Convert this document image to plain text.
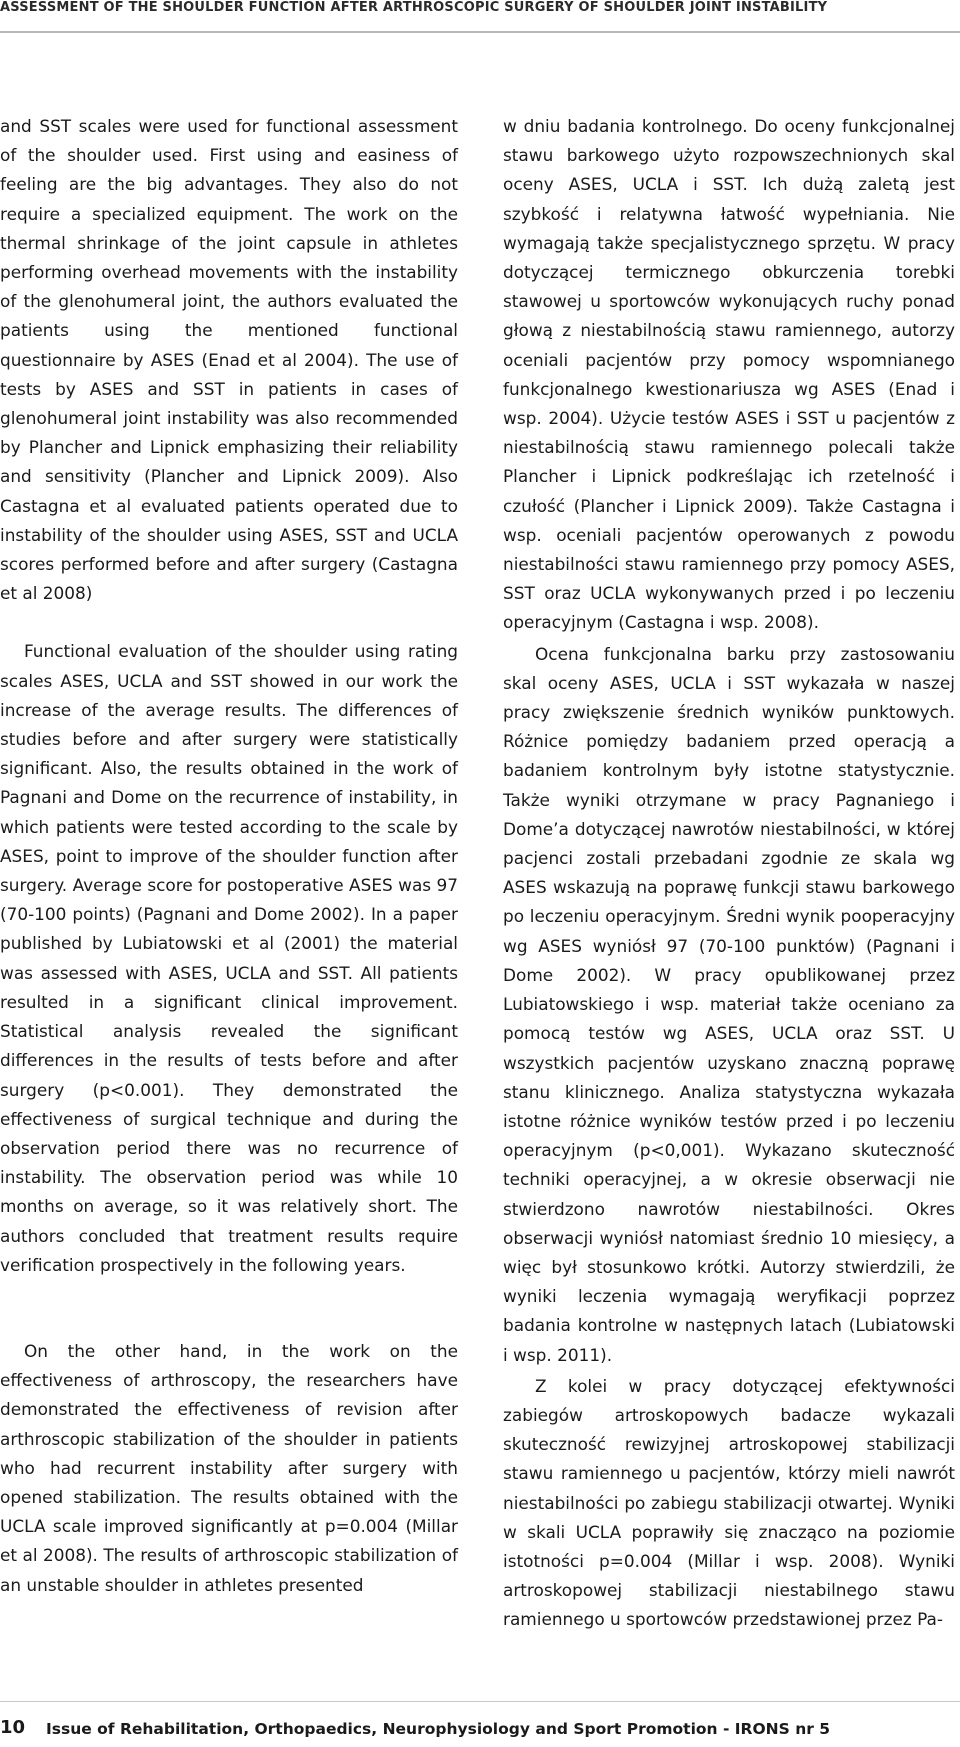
ASSESSMENT OF THE SHOULDER FUNCTION AFTER ARTHROSCOPIC SURGERY OF SHOULDER JOINT INSTABILITY

and SST scales were used for functional assessment of the shoulder used. First using and easiness of feeling are the big advantages. They also do not require a specialized equipment. The work on the thermal shrinkage of the joint capsule in athletes performing overhead movements with the instability of the glenohumeral joint, the authors evaluated the patients using the mentioned functional questionnaire by ASES (Enad et al 2004). The use of tests by ASES and SST in patients in cases of glenohumeral joint instability was also recommended by Plancher and Lipnick emphasizing their reliability and sensitivity (Plancher and Lipnick 2009). Also Castagna et al evaluated patients operated due to instability of the shoulder using ASES, SST and UCLA scores performed before and after surgery (Castagna et al 2008)

Functional evaluation of the shoulder using rating scales ASES, UCLA and SST showed in our work the increase of the average results. The differences of studies before and after surgery were statistically significant. Also, the results obtained in the work of Pagnani and Dome on the recurrence of instability, in which patients were tested according to the scale by ASES, point to improve of the shoulder function after surgery. Average score for postoperative ASES was 97 (70-100 points) (Pagnani and Dome 2002). In a paper published by Lubiatowski et al (2001) the material was assessed with ASES, UCLA and SST. All patients resulted in a significant clinical improvement. Statistical analysis revealed the significant differences in the results of tests before and after surgery (p<0.001). They demonstrated the effectiveness of surgical technique and during the observation period there was no recurrence of instability. The observation period was while 10 months on average, so it was relatively short. The authors concluded that treatment results require verification prospectively in the following years.

On the other hand, in the work on the effectiveness of arthroscopy, the researchers have demonstrated the effectiveness of revision after arthroscopic stabilization of the shoulder in patients who had recurrent instability after surgery with opened stabilization. The results obtained with the UCLA scale improved significantly at p=0.004 (Millar et al 2008). The results of arthroscopic stabilization of an unstable shoulder in athletes presented

w dniu badania kontrolnego. Do oceny funkcjonalnej stawu barkowego użyto rozpowszechnionych skal oceny ASES, UCLA i SST. Ich dużą zaletą jest szybkość i relatywna łatwość wypełniania. Nie wymagają także specjalistycznego sprzętu. W pracy dotyczącej termicznego obkurczenia torebki stawowej u sportowców wykonujących ruchy ponad głową z niestabilnością stawu ramiennego, autorzy oceniali pacjentów przy pomocy wspomnianego funkcjonalnego kwestionariusza wg ASES (Enad i wsp. 2004). Użycie testów ASES i SST u pacjentów z niestabilnością stawu ramiennego polecali także Plancher i Lipnick podkreślając ich rzetelność i czułość (Plancher i Lipnick 2009). Także Castagna i wsp. oceniali pacjentów operowanych z powodu niestabilności stawu ramiennego przy pomocy ASES, SST oraz UCLA wykonywanych przed i po leczeniu operacyjnym (Castagna i wsp. 2008).

Ocena funkcjonalna barku przy zastosowaniu skal oceny ASES, UCLA i SST wykazała w naszej pracy zwiększenie średnich wyników punktowych. Różnice pomiędzy badaniem przed operacją a badaniem kontrolnym były istotne statystycznie. Także wyniki otrzymane w pracy Pagnaniego i Dome’a dotyczącej nawrotów niestabilności, w której pacjenci zostali przebadani zgodnie ze skala wg ASES wskazują na poprawę funkcji stawu barkowego po leczeniu operacyjnym. Średni wynik pooperacyjny wg ASES wyniósł 97 (70-100 punktów) (Pagnani i Dome 2002). W pracy opublikowanej przez Lubiatowskiego i wsp. materiał także oceniano za pomocą testów wg ASES, UCLA oraz SST. U wszystkich pacjentów uzyskano znaczną poprawę stanu klinicznego. Analiza statystyczna wykazała istotne różnice wyników testów przed i po leczeniu operacyjnym (p<0,001). Wykazano skuteczność techniki operacyjnej, a w okresie obserwacji nie stwierdzono nawrotów niestabilności. Okres obserwacji wyniósł natomiast średnio 10 miesięcy, a więc był stosunkowo krótki. Autorzy stwierdzili, że wyniki leczenia wymagają weryfikacji poprzez badania kontrolne w następnych latach (Lubiatowski i wsp. 2011).

Z kolei w pracy dotyczącej efektywności zabiegów artroskopowych badacze wykazali skuteczność rewizyjnej artroskopowej stabilizacji stawu ramiennego u pacjentów, którzy mieli nawrót niestabilności po zabiegu stabilizacji otwartej. Wyniki w skali UCLA poprawiły się znacząco na poziomie istotności p=0.004 (Millar i wsp. 2008). Wyniki artroskopowej stabilizacji niestabilnego stawu ramiennego u sportowców przedstawionej przez Pa-

10 Issue of Rehabilitation, Orthopaedics, Neurophysiology and Sport Promotion - IRONS nr 5
